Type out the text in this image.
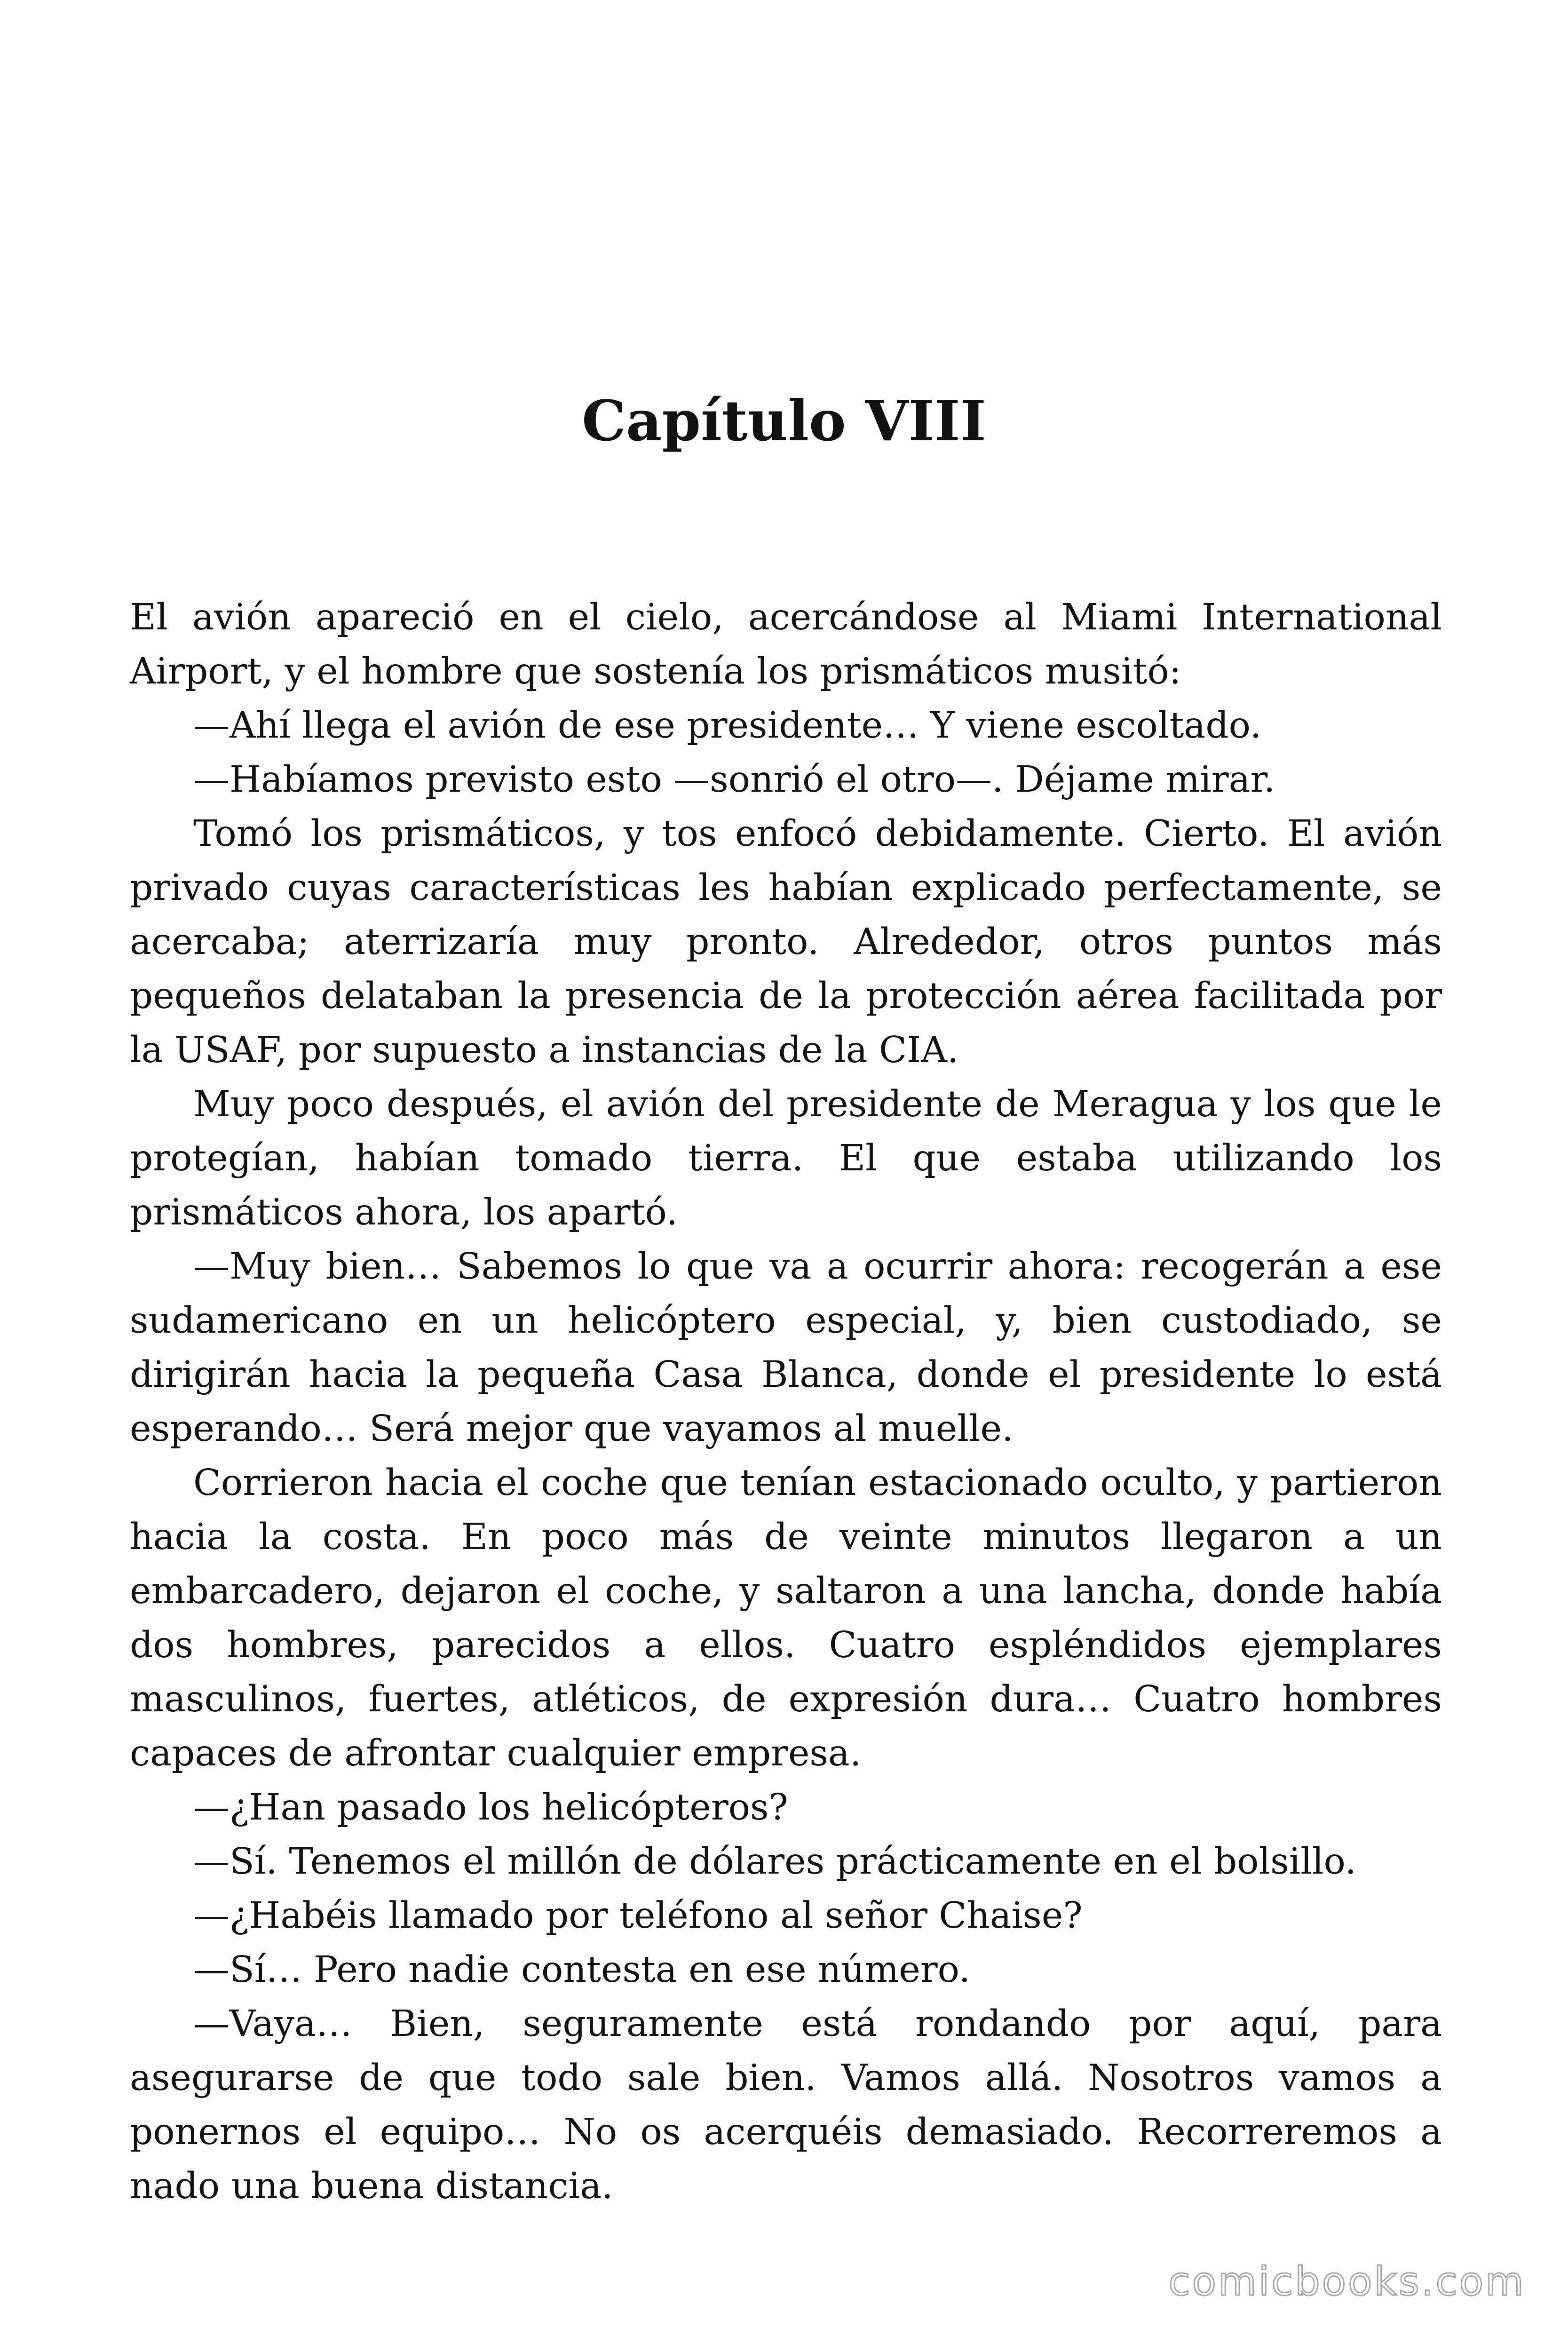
Capítulo VIII

El avión apareció en el cielo, acercándose al Miami International Airport, y el hombre que sostenía los prismáticos musitó:

—Ahí llega el avión de ese presidente… Y viene escoltado.

—Habíamos previsto esto —sonrió el otro—. Déjame mirar.

Tomó los prismáticos, y tos enfocó debidamente. Cierto. El avión privado cuyas características les habían explicado perfectamente, se acercaba; aterrizaría muy pronto. Alrededor, otros puntos más pequeños delataban la presencia de la protección aérea facilitada por la USAF, por supuesto a instancias de la CIA.

Muy poco después, el avión del presidente de Meragua y los que le protegían, habían tomado tierra. El que estaba utilizando los prismáticos ahora, los apartó.

—Muy bien… Sabemos lo que va a ocurrir ahora: recogerán a ese sudamericano en un helicóptero especial, y, bien custodiado, se dirigirán hacia la pequeña Casa Blanca, donde el presidente lo está esperando… Será mejor que vayamos al muelle.

Corrieron hacia el coche que tenían estacionado oculto, y partieron hacia la costa. En poco más de veinte minutos llegaron a un embarcadero, dejaron el coche, y saltaron a una lancha, donde había dos hombres, parecidos a ellos. Cuatro espléndidos ejemplares masculinos, fuertes, atléticos, de expresión dura… Cuatro hombres capaces de afrontar cualquier empresa.

—¿Han pasado los helicópteros?

—Sí. Tenemos el millón de dólares prácticamente en el bolsillo.

—¿Habéis llamado por teléfono al señor Chaise?

—Sí… Pero nadie contesta en ese número.

—Vaya… Bien, seguramente está rondando por aquí, para asegurarse de que todo sale bien. Vamos allá. Nosotros vamos a ponernos el equipo… No os acerquéis demasiado. Recorreremos a nado una buena distancia.

comicbooks.com
